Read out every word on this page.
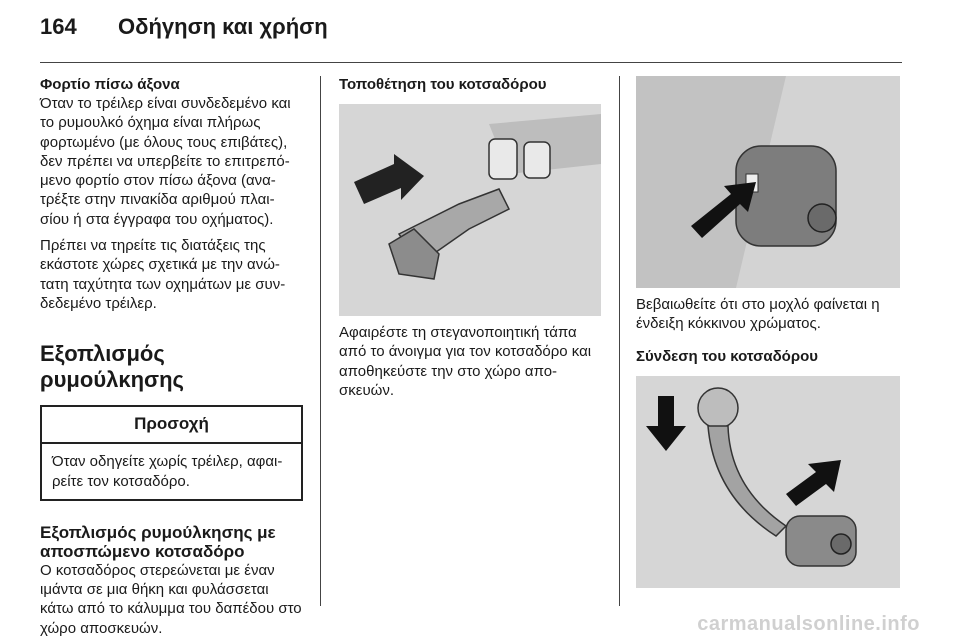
164	Οδήγηση και χρήση
Φορτίο πίσω άξονα

Όταν το τρέιλερ είναι συνδεδεμένο και το ρυμουλκό όχημα είναι πλήρως φορτωμένο (με όλους τους επιβάτες), δεν πρέπει να υπερβείτε το επιτρεπό- μενο φορτίο στον πίσω άξονα (ανα- τρέξτε στην πινακίδα αριθμού πλαι- σίου ή στα έγγραφα του οχήματος).

Πρέπει να τηρείτε τις διατάξεις της εκάστοτε χώρες σχετικά με την ανώ- τατη ταχύτητα των οχημάτων με συν- δεδεμένο τρέιλερ.

Εξοπλισμός ρυμούλκησης
Προσοχή
Όταν οδηγείτε χωρίς τρέιλερ, αφαι- ρείτε τον κοτσαδόρο.
Εξοπλισμός ρυμούλκησης με αποσπώμενο κοτσαδόρο

Ο κοτσαδόρος στερεώνεται με έναν ιμάντα σε μια θήκη και φυλάσσεται κάτω από το κάλυμμα του δαπέδου στο χώρο αποσκευών.

Τοποθέτηση του κοτσαδόρου

Αφαιρέστε τη στεγανοποιητική τάπα από το άνοιγμα για τον κοτσαδόρο και αποθηκεύστε την στο χώρο απο- σκευών.

Βεβαιωθείτε ότι στο μοχλό φαίνεται η ένδειξη κόκκινου χρώματος.

Σύνδεση του κοτσαδόρου
carmanualsonline.info
